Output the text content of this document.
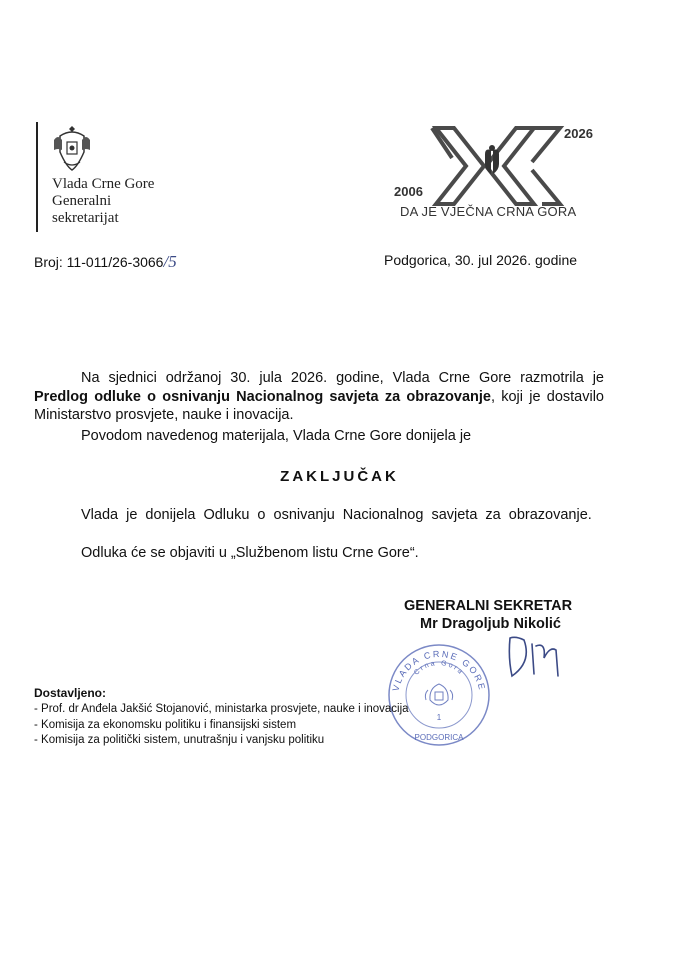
Vlada Crne Gore
Generalni
sekretarijat
2026
2006
DA JE VJEČNA CRNA GORA
Broj: 11-011/26-3066/5	Podgorica, 30. jul 2026. godine
Na sjednici održanoj 30. jula 2026. godine, Vlada Crne Gore razmotrila je Predlog odluke o osnivanju Nacionalnog savjeta za obrazovanje, koji je dostavilo Ministarstvo prosvjete, nauke i inovacija.
Povodom navedenog materijala, Vlada Crne Gore donijela je
ZAKLJUČAK
Vlada je donijela Odluku o osnivanju Nacionalnog savjeta za obrazovanje.
Odluka će se objaviti u „Službenom listu Crne Gore“.
GENERALNI SEKRETAR
Mr Dragoljub Nikolić
VLADA CRNE GORE
Crna Gora
1
PODGORICA
Dostavljeno:
- Prof. dr Anđela Jakšić Stojanović, ministarka prosvjete, nauke i inovacija
- Komisija za ekonomsku politiku i finansijski sistem
- Komisija za politički sistem, unutrašnju i vanjsku politiku
